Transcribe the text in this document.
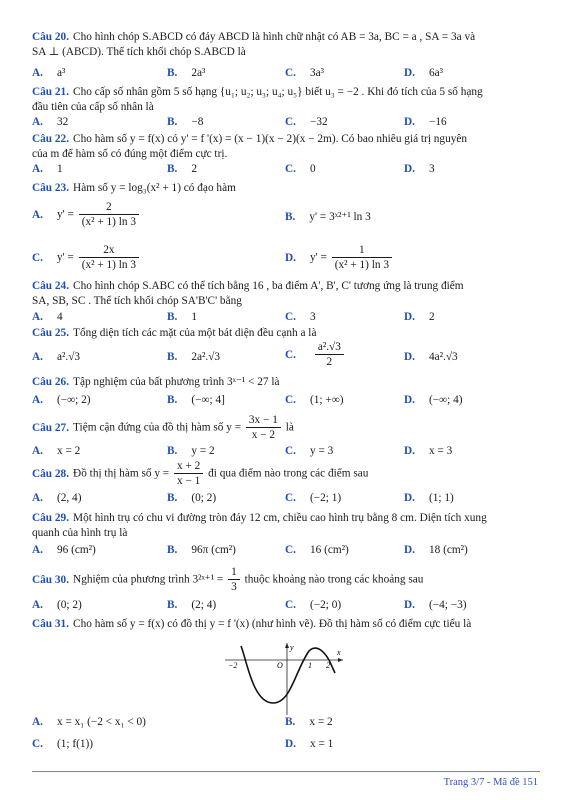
Câu 20. Cho hình chóp S.ABCD có đáy ABCD là hình chữ nhật có AB = 3a, BC = a , SA = 3a và
SA ⊥ (ABCD). Thể tích khối chóp S.ABCD là
A. a³	B. 2a³	C. 3a³	D. 6a³
Câu 21. Cho cấp số nhân gồm 5 số hạng {u₁; u₂; u₃; u₄; u₅} biết u₃ = −2 . Khi đó tích của 5 số hạng
đầu tiên của cấp số nhân là
A. 32	B. −8	C. −32	D. −16
Câu 22. Cho hàm số y = f(x) có y' = f '(x) = (x − 1)(x − 2)(x − 2m). Có bao nhiêu giá trị nguyên
của m để hàm số có đúng một điểm cực trị.
A. 1	B. 2	C. 0	D. 3
Câu 23. Hàm số y = log₃(x² + 1) có đạo hàm
A. $y' = \frac{2}{\text{(x² + 1) ln 3}}$	B. y' = 3ˣ²⁺¹ ln 3
C. $y' = \frac{2x}{\text{(x² + 1) ln 3}}$	D. $y' = \frac{1}{\text{(x² + 1) ln 3}}$
Câu 24. Cho hình chóp S.ABC có thể tích bằng 16 , ba điểm A', B', C' tương ứng là trung điểm
SA, SB, SC . Thể tích khối chóp SA'B'C' bằng
A. 4	B. 1	C. 3	D. 2
Câu 25. Tổng diện tích các mặt của một bát diện đều cạnh a là
A. a².√3	B. 2a².√3	C. $\frac{\text{a².√3}}{2}$	D. 4a².√3
Câu 26. Tập nghiệm của bất phương trình 3ˣ⁻¹ < 27 là
A. (−∞; 2)	B. (−∞; 4]	C. (1; +∞)	D. (−∞; 4)
Câu 27. Tiệm cận đứng của đồ thị hàm số $y = \frac{3x - 1}{x - 2}$ là
A. x = 2	B. y = 2	C. y = 3	D. x = 3
Câu 28. Đồ thị thị hàm số $y = \frac{x + 2}{x - 1}$ đi qua điểm nào trong các điểm sau
A. (2, 4)	B. (0; 2)	C. (−2; 1)	D. (1; 1)
Câu 29. Một hình trụ có chu vi đường tròn đáy 12 cm, chiều cao hình trụ bằng 8 cm. Diện tích xung
quanh của hình trụ là
A. 96 (cm²)	B. 96π (cm²)	C. 16 (cm²)	D. 18 (cm²)
Câu 30. Nghiệm của phương trình 3²ˣ⁺¹ = $\frac{1}{3}$ thuộc khoảng nào trong các khoảng sau
A. (0; 2)	B. (2; 4)	C. (−2; 0)	D. (−4; −3)
Câu 31. Cho hàm số y = f(x) có đồ thị y = f '(x) (như hình vẽ). Đồ thị hàm số có điểm cực tiểu là
−2	O	1 2
x
y
A. x = x₁ (−2 < x₁ < 0)	B. x = 2
C. (1; f(1))	D. x = 1
Trang 3/7 - Mã đề 151
